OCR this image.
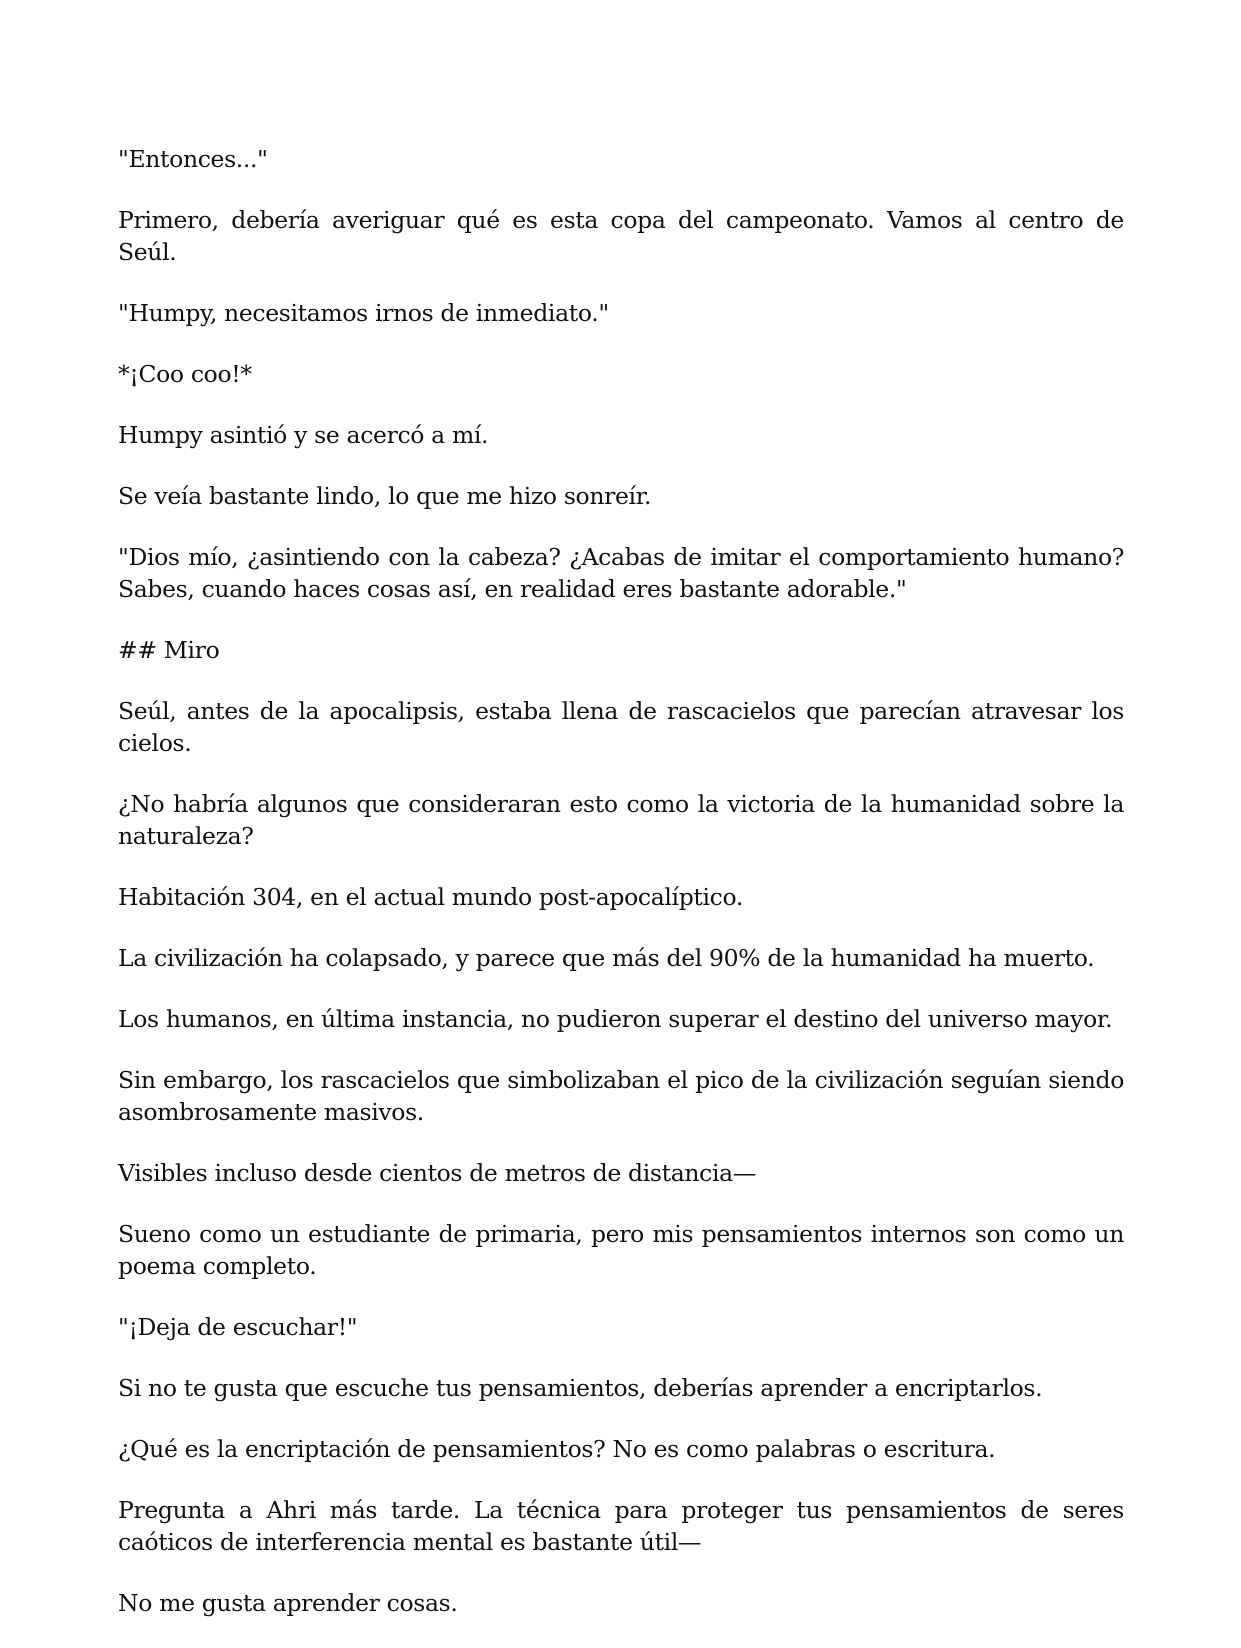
"Entonces..."

Primero, debería averiguar qué es esta copa del campeonato. Vamos al centro de Seúl.

"Humpy, necesitamos irnos de inmediato."

*¡Coo coo!*

Humpy asintió y se acercó a mí.

Se veía bastante lindo, lo que me hizo sonreír.

"Dios mío, ¿asintiendo con la cabeza? ¿Acabas de imitar el comportamiento humano? Sabes, cuando haces cosas así, en realidad eres bastante adorable."

## Miro

Seúl, antes de la apocalipsis, estaba llena de rascacielos que parecían atravesar los cielos.

¿No habría algunos que consideraran esto como la victoria de la humanidad sobre la naturaleza?

Habitación 304, en el actual mundo post-apocalíptico.

La civilización ha colapsado, y parece que más del 90% de la humanidad ha muerto.

Los humanos, en última instancia, no pudieron superar el destino del universo mayor.

Sin embargo, los rascacielos que simbolizaban el pico de la civilización seguían siendo asombrosamente masivos.

Visibles incluso desde cientos de metros de distancia—

Sueno como un estudiante de primaria, pero mis pensamientos internos son como un poema completo.

"¡Deja de escuchar!"

Si no te gusta que escuche tus pensamientos, deberías aprender a encriptarlos.

¿Qué es la encriptación de pensamientos? No es como palabras o escritura.

Pregunta a Ahri más tarde. La técnica para proteger tus pensamientos de seres caóticos de interferencia mental es bastante útil—

No me gusta aprender cosas.
